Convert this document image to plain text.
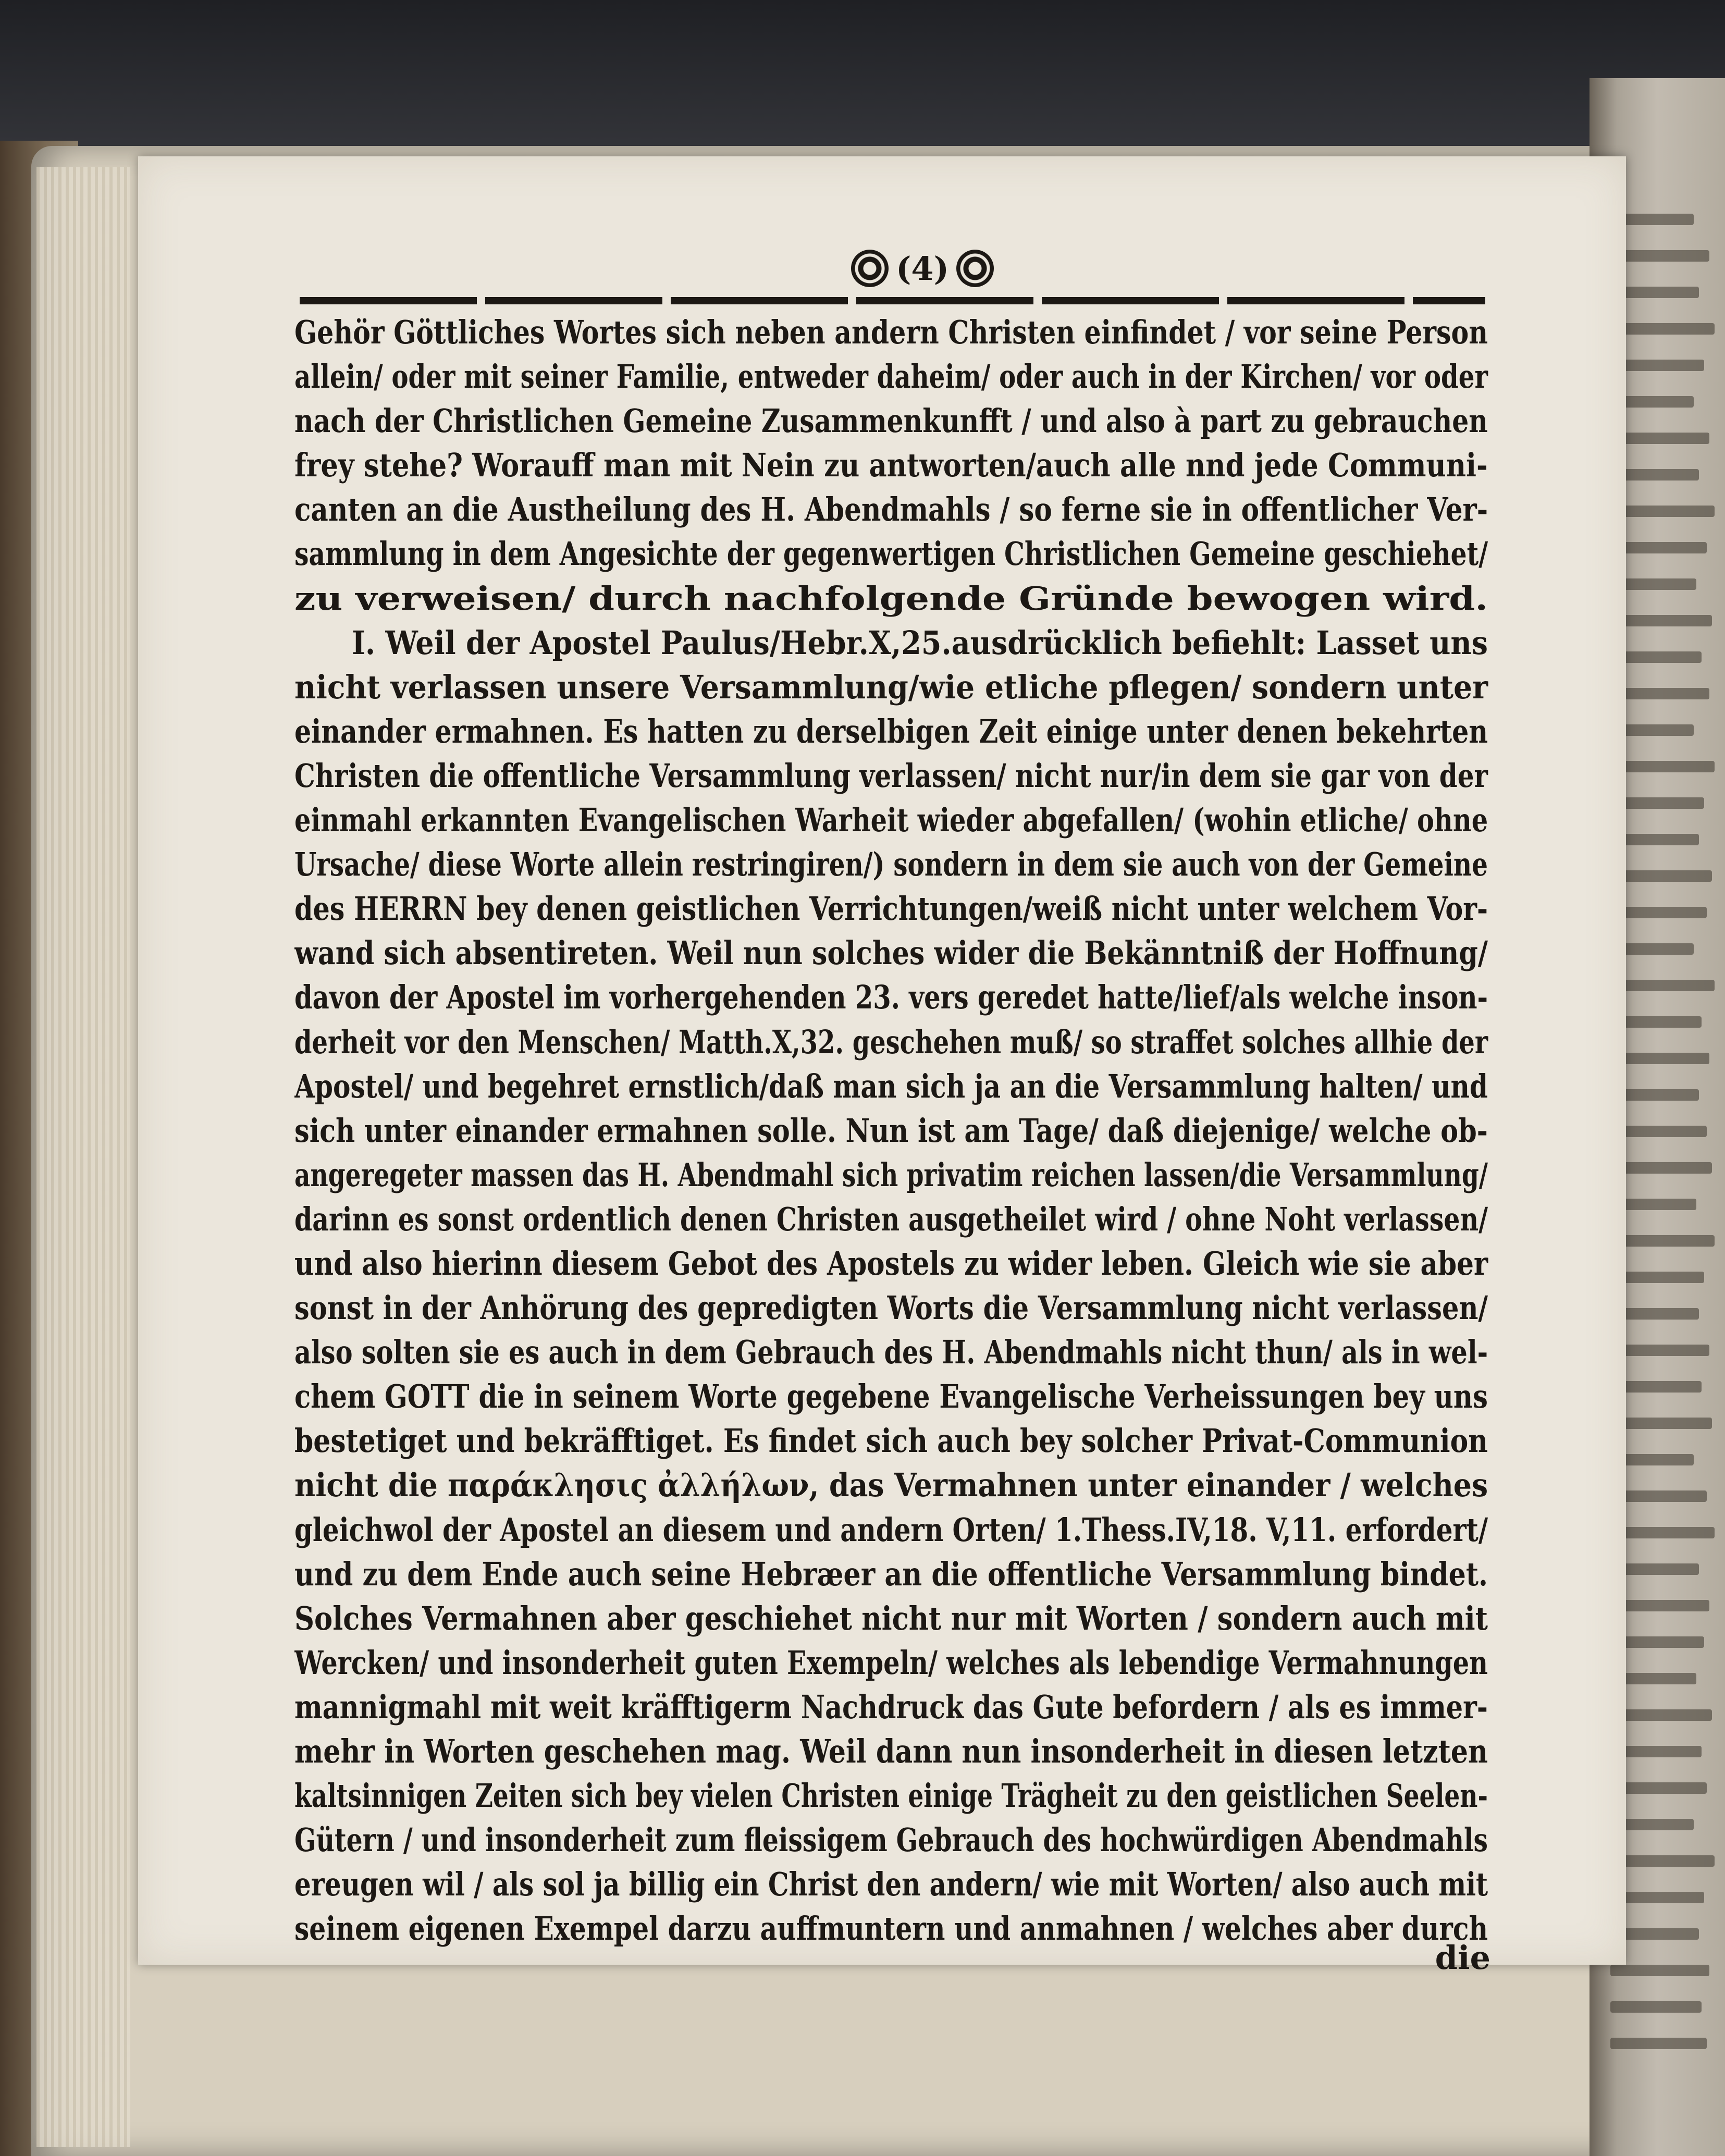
(4)
Gehör Göttliches Wortes sich neben andern Christen einfindet / vor seine Person
allein/ oder mit seiner Familie, entweder daheim/ oder auch in der Kirchen/ vor oder
nach der Christlichen Gemeine Zusammenkunfft / und also à part zu gebrauchen
frey stehe? Worauff man mit Nein zu antworten/auch alle nnd jede Communi-
canten an die Austheilung des H. Abendmahls / so ferne sie in offentlicher Ver-
sammlung in dem Angesichte der gegenwertigen Christlichen Gemeine geschiehet/
zu verweisen/ durch nachfolgende Gründe bewogen wird.
I. Weil der Apostel Paulus/Hebr.X,25.ausdrücklich befiehlt: Lasset uns
nicht verlassen unsere Versammlung/wie etliche pflegen/ sondern unter
einander ermahnen. Es hatten zu derselbigen Zeit einige unter denen bekehrten
Christen die offentliche Versammlung verlassen/ nicht nur/in dem sie gar von der
einmahl erkannten Evangelischen Warheit wieder abgefallen/ (wohin etliche/ ohne
Ursache/ diese Worte allein restringiren/) sondern in dem sie auch von der Gemeine
des HERRN bey denen geistlichen Verrichtungen/weiß nicht unter welchem Vor-
wand sich absentireten. Weil nun solches wider die Bekänntniß der Hoffnung/
davon der Apostel im vorhergehenden 23. vers geredet hatte/lief/als welche inson-
derheit vor den Menschen/ Matth.X,32. geschehen muß/ so straffet solches allhie der
Apostel/ und begehret ernstlich/daß man sich ja an die Versammlung halten/ und
sich unter einander ermahnen solle. Nun ist am Tage/ daß diejenige/ welche ob-
angeregeter massen das H. Abendmahl sich privatim reichen lassen/die Versammlung/
darinn es sonst ordentlich denen Christen ausgetheilet wird / ohne Noht verlassen/
und also hierinn diesem Gebot des Apostels zu wider leben. Gleich wie sie aber
sonst in der Anhörung des gepredigten Worts die Versammlung nicht verlassen/
also solten sie es auch in dem Gebrauch des H. Abendmahls nicht thun/ als in wel-
chem GOTT die in seinem Worte gegebene Evangelische Verheissungen bey uns
bestetiget und bekräfftiget. Es findet sich auch bey solcher Privat-Communion
nicht die παράκλησις ἀλλήλων, das Vermahnen unter einander / welches
gleichwol der Apostel an diesem und andern Orten/ 1.Thess.IV,18. V,11. erfordert/
und zu dem Ende auch seine Hebræer an die offentliche Versammlung bindet.
Solches Vermahnen aber geschiehet nicht nur mit Worten / sondern auch mit
Wercken/ und insonderheit guten Exempeln/ welches als lebendige Vermahnungen
mannigmahl mit weit kräfftigerm Nachdruck das Gute befordern / als es immer-
mehr in Worten geschehen mag. Weil dann nun insonderheit in diesen letzten
kaltsinnigen Zeiten sich bey vielen Christen einige Trägheit zu den geistlichen Seelen-
Gütern / und insonderheit zum fleissigem Gebrauch des hochwürdigen Abendmahls
ereugen wil / als sol ja billig ein Christ den andern/ wie mit Worten/ also auch mit
seinem eigenen Exempel darzu auffmuntern und anmahnen / welches aber durch
die
